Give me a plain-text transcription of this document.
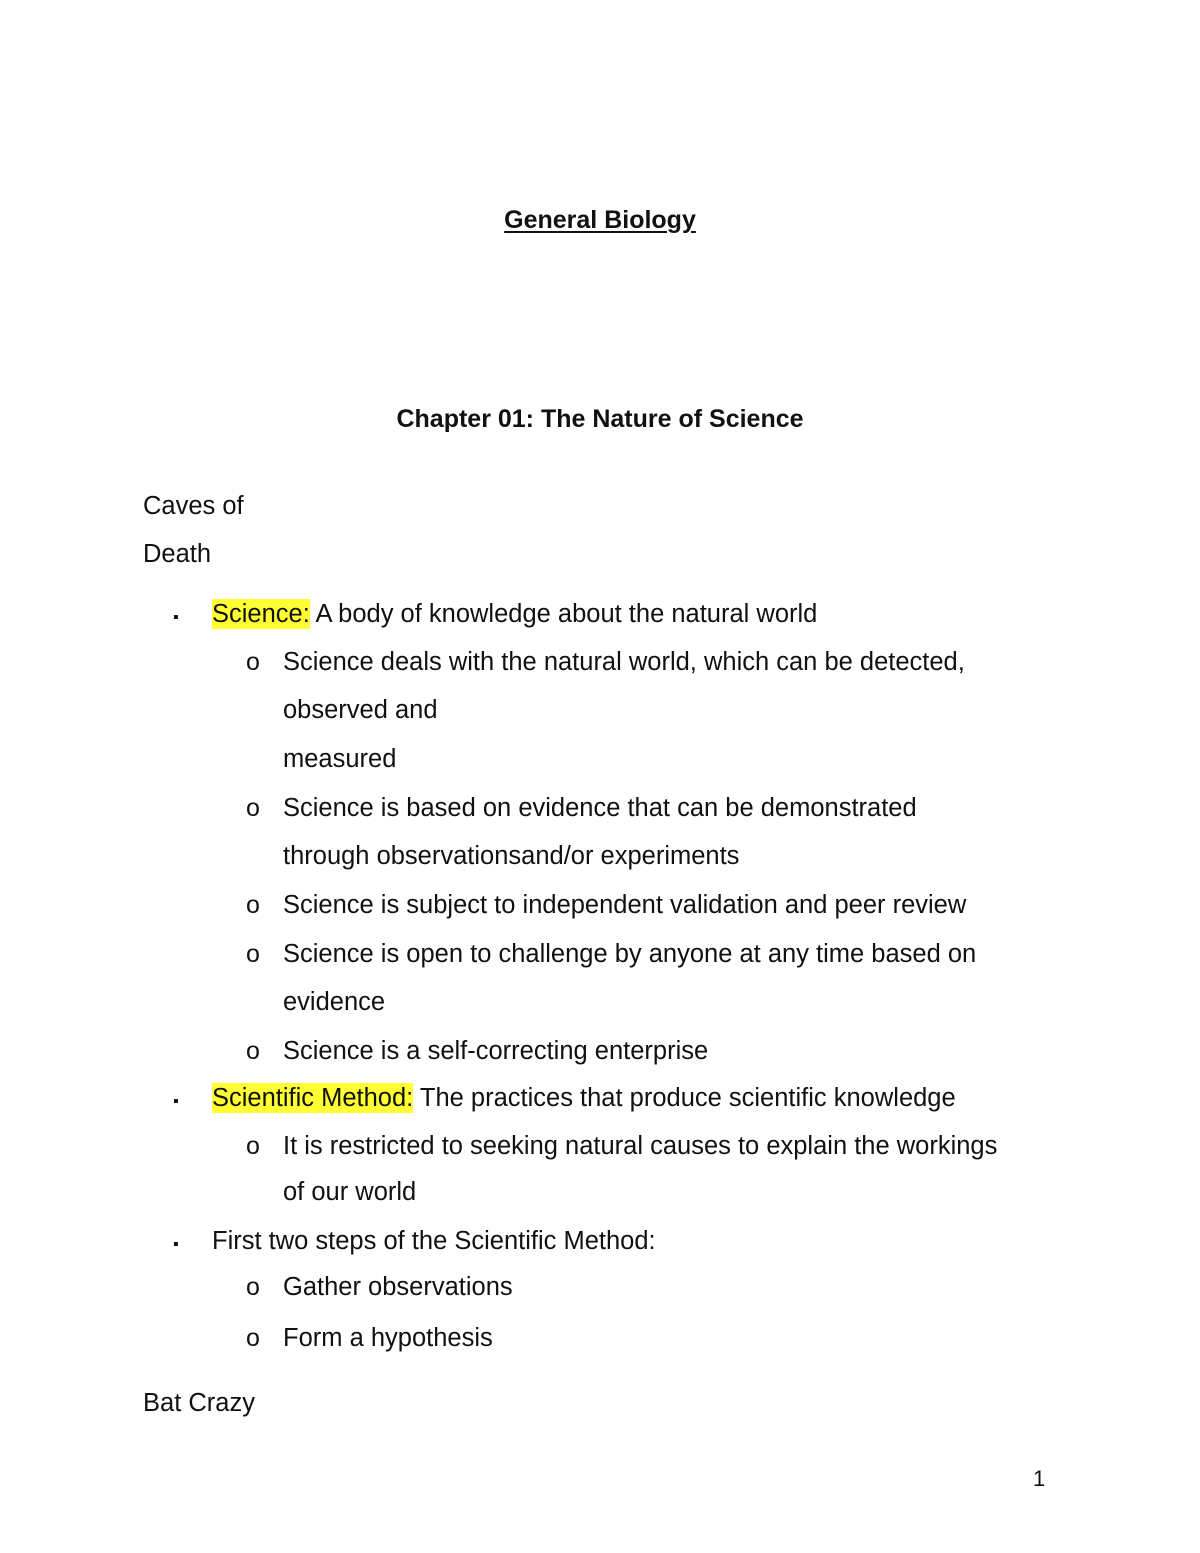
General Biology
Chapter 01: The Nature of Science
Caves of
Death
▪ Science: A body of knowledge about the natural world
o Science deals with the natural world, which can be detected,
observed and
measured
o Science is based on evidence that can be demonstrated
through observationsand/or experiments
o Science is subject to independent validation and peer review
o Science is open to challenge by anyone at any time based on
evidence
o Science is a self-correcting enterprise
▪ Scientific Method: The practices that produce scientific knowledge
o It is restricted to seeking natural causes to explain the workings
of our world
▪ First two steps of the Scientific Method:
o Gather observations
o Form a hypothesis
Bat Crazy
1
